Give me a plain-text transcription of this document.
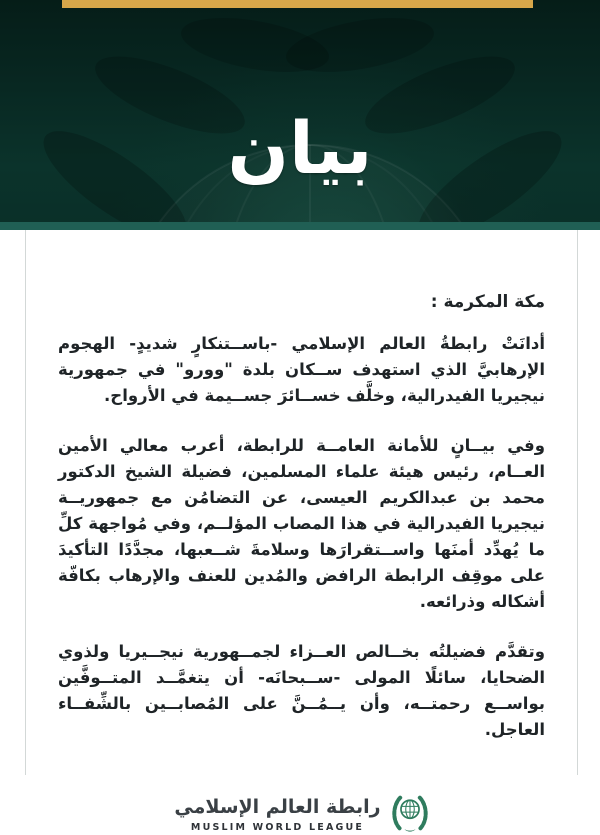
بيان
مكة المكرمة :

أدانَتْ رابطةُ العالم الإسلامي -باســتنكارٍ شديدٍ- الهجوم الإرهابيَّ الذي استهدف ســكان بلدة "وورو" في جمهورية نيجيريا الفيدرالية، وخلَّف خســائرَ جســيمة في الأرواح.

وفي بيــانٍ للأمانة العامــة للرابطة، أعرب معالي الأمين العــام، رئيس هيئة علماء المسلمين، فضيلة الشيخ الدكتور محمد بن عبدالكريم العيسى، عن التضامُن مع جمهوريــة نيجيريا الفيدرالية في هذا المصاب المؤلــم، وفي مُواجهة كلِّ ما يُهدِّد أمنَها واســتقرارَها وسلامةَ شــعبها، مجدَّدًا التأكيدَ على موقِف الرابطة الرافض والمُدين للعنف والإرهاب بكافّة أشكاله وذرائعه.

وتقدَّم فضيلتُه بخــالص العــزاء لجمــهورية نيجــيريا ولذوي الضحايا، سائلًا المولى -ســبحانَه- أن يتغمَّــد المتــوفَّين بواســع رحمتــه، وأن يــمُــنَّ على المُصابــين بالشِّفــاء العاجل.

رابطة العالم الإسلامي
MUSLIM WORLD LEAGUE
